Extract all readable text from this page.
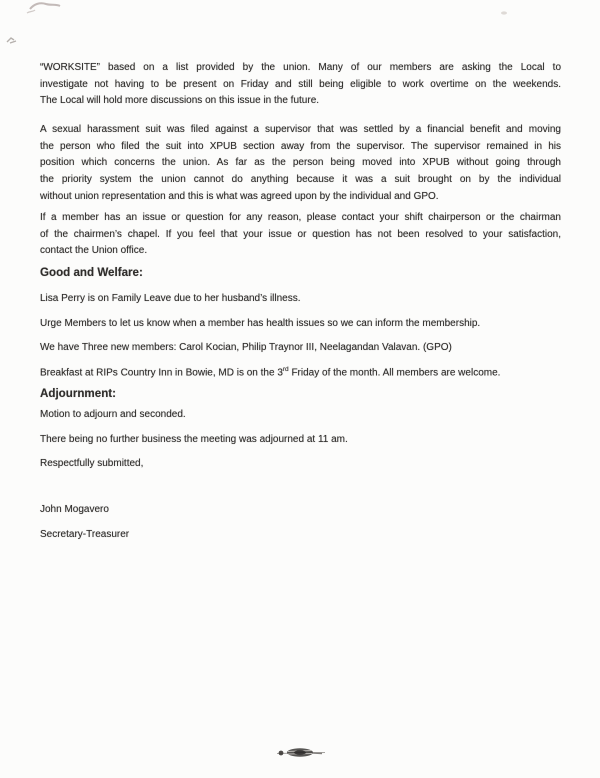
“WORKSITE” based on a list provided by the union. Many of our members are asking the Local to
investigate not having to be present on Friday and still being eligible to work overtime on the weekends.
The Local will hold more discussions on this issue in the future.
A sexual harassment suit was filed against a supervisor that was settled by a financial benefit and moving
the person who filed the suit into XPUB section away from the supervisor. The supervisor remained in his
position which concerns the union. As far as the person being moved into XPUB without going through
the priority system the union cannot do anything because it was a suit brought on by the individual
without union representation and this is what was agreed upon by the individual and GPO.
If a member has an issue or question for any reason, please contact your shift chairperson or the chairman
of the chairmen’s chapel. If you feel that your issue or question has not been resolved to your satisfaction,
contact the Union office.
Good and Welfare:
Lisa Perry is on Family Leave due to her husband’s illness.
Urge Members to let us know when a member has health issues so we can inform the membership.
We have Three new members: Carol Kocian, Philip Traynor III, Neelagandan Valavan. (GPO)
Breakfast at RIPs Country Inn in Bowie, MD is on the 3rd Friday of the month. All members are welcome.
Adjournment:
Motion to adjourn and seconded.
There being no further business the meeting was adjourned at 11 am.
Respectfully submitted,
John Mogavero
Secretary-Treasurer
